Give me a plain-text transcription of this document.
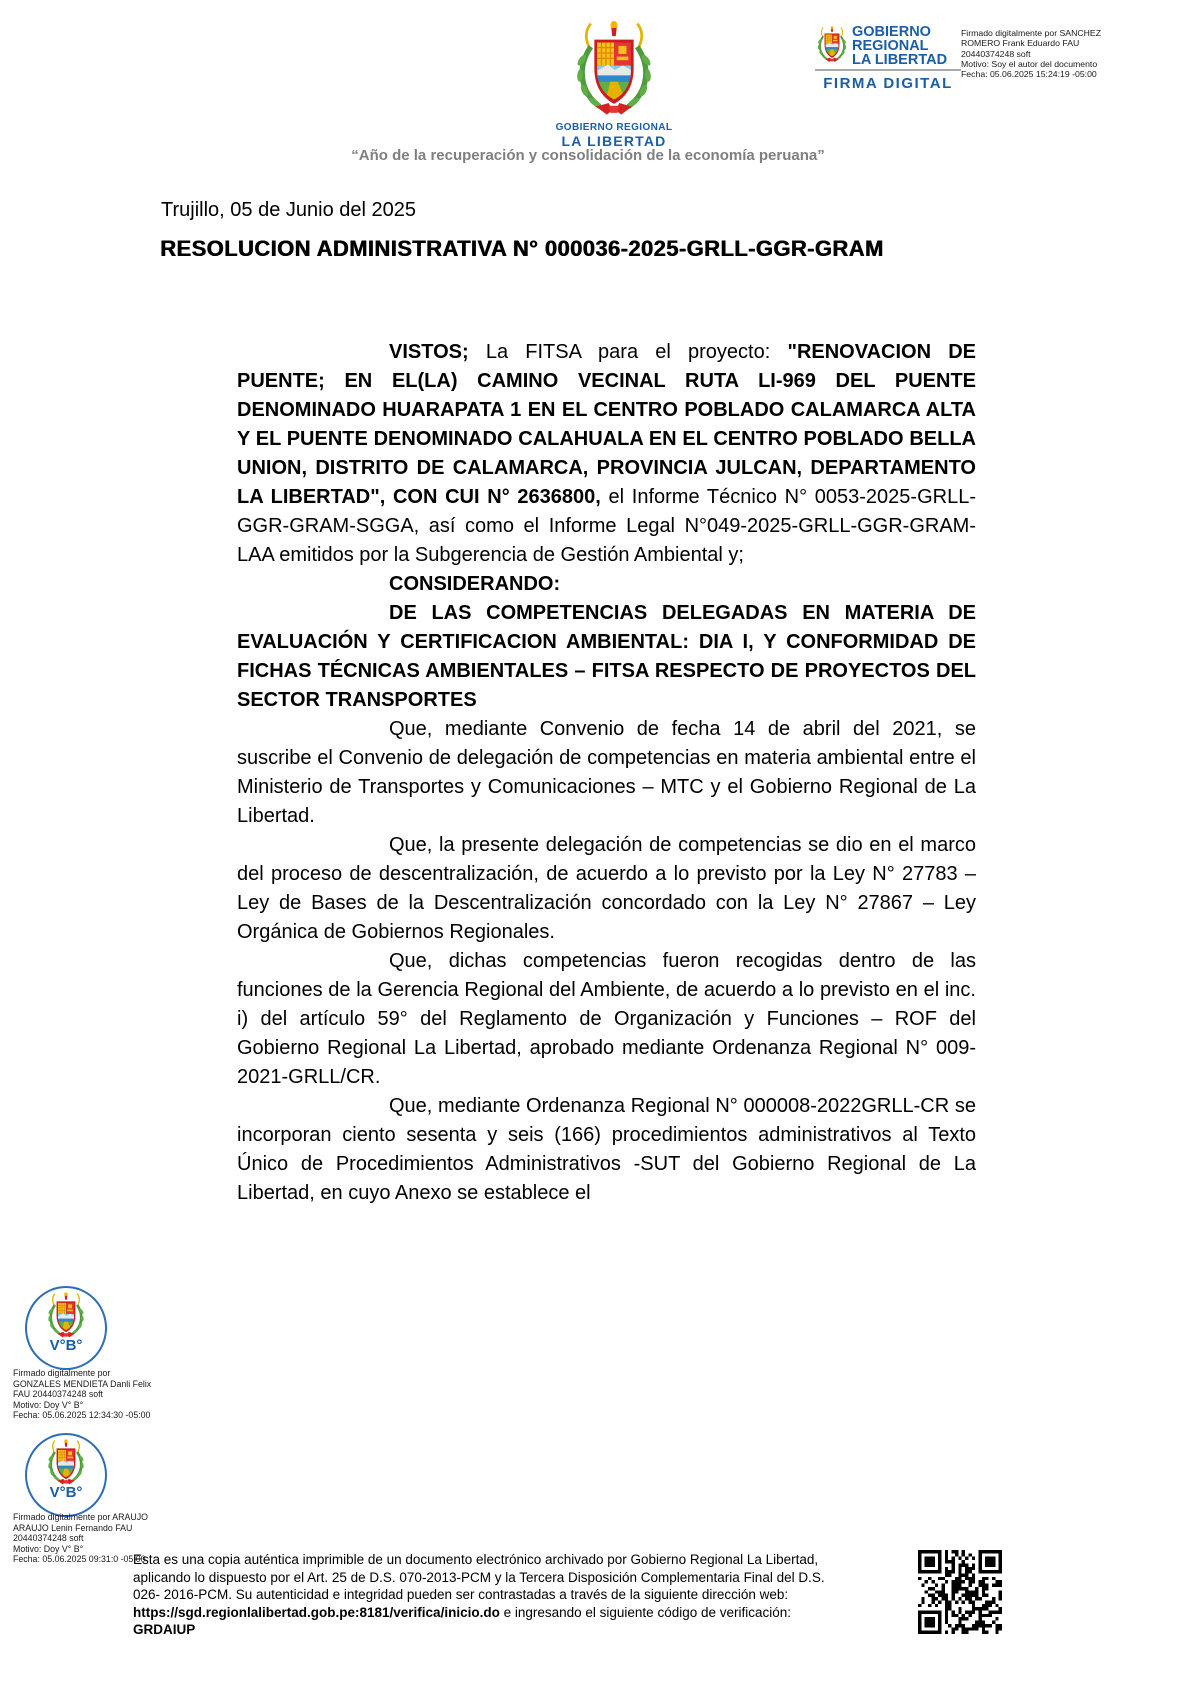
GOBIERNO REGIONAL
LA LIBERTAD
GOBIERNO
REGIONAL
LA LIBERTAD
FIRMA DIGITAL
Firmado digitalmente por SANCHEZ
ROMERO Frank Eduardo FAU
20440374248 soft
Motivo: Soy el autor del documento
Fecha: 05.06.2025 15:24:19 -05:00
“Año de la recuperación y consolidación de la economía peruana”
Trujillo, 05 de Junio del 2025
RESOLUCION ADMINISTRATIVA N° 000036-2025-GRLL-GGR-GRAM

VISTOS; La FITSA para el proyecto: "RENOVACION DE PUENTE; EN EL(LA) CAMINO VECINAL RUTA LI-969 DEL PUENTE DENOMINADO HUARAPATA 1 EN EL CENTRO POBLADO CALAMARCA ALTA Y EL PUENTE DENOMINADO CALAHUALA EN EL CENTRO POBLADO BELLA UNION, DISTRITO DE CALAMARCA, PROVINCIA JULCAN, DEPARTAMENTO LA LIBERTAD", CON CUI N° 2636800, el Informe Técnico N° 0053-2025-GRLL-GGR-GRAM-SGGA, así como el Informe Legal N°049-2025-GRLL-GGR-GRAM-LAA emitidos por la Subgerencia de Gestión Ambiental y;

CONSIDERANDO:

DE LAS COMPETENCIAS DELEGADAS EN MATERIA DE EVALUACIÓN Y CERTIFICACION AMBIENTAL: DIA I, Y CONFORMIDAD DE FICHAS TÉCNICAS AMBIENTALES – FITSA RESPECTO DE PROYECTOS DEL SECTOR TRANSPORTES

Que, mediante Convenio de fecha 14 de abril del 2021, se suscribe el Convenio de delegación de competencias en materia ambiental entre el Ministerio de Transportes y Comunicaciones – MTC y el Gobierno Regional de La Libertad.

Que, la presente delegación de competencias se dio en el marco del proceso de descentralización, de acuerdo a lo previsto por la Ley N° 27783 – Ley de Bases de la Descentralización concordado con la Ley N° 27867 – Ley Orgánica de Gobiernos Regionales.

Que, dichas competencias fueron recogidas dentro de las funciones de la Gerencia Regional del Ambiente, de acuerdo a lo previsto en el inc. i) del artículo 59° del Reglamento de Organización y Funciones – ROF del Gobierno Regional La Libertad, aprobado mediante Ordenanza Regional N° 009-2021-GRLL/CR.

Que, mediante Ordenanza Regional N° 000008-2022GRLL-CR se incorporan ciento sesenta y seis (166) procedimientos administrativos al Texto Único de Procedimientos Administrativos -SUT del Gobierno Regional de La Libertad, en cuyo Anexo se establece el

V°B°
Firmado digitalmente por
GONZALES MENDIETA Danli Felix
FAU 20440374248 soft
Motivo: Doy V° B°
Fecha: 05.06.2025 12:34:30 -05:00
V°B°
Firmado digitalmente por ARAUJO
ARAUJO Lenin Fernando FAU
20440374248 soft
Motivo: Doy V° B°
Fecha: 05.06.2025 09:31:0 -05:00
Esta es una copia auténtica imprimible de un documento electrónico archivado por Gobierno Regional La Libertad,
aplicando lo dispuesto por el Art. 25 de D.S. 070-2013-PCM y la Tercera Disposición Complementaria Final del D.S.
026- 2016-PCM. Su autenticidad e integridad pueden ser contrastadas a través de la siguiente dirección web:
https://sgd.regionlalibertad.gob.pe:8181/verifica/inicio.do e ingresando el siguiente código de verificación:
GRDAIUP
